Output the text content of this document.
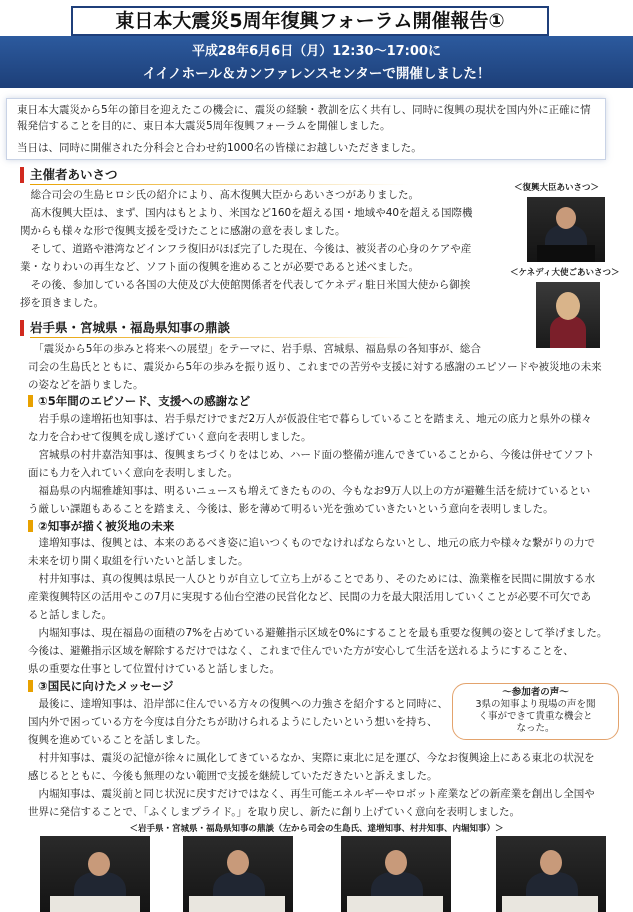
東日本大震災5周年復興フォーラム開催報告①
平成28年6月6日（月）12:30～17:00に
イイノホール＆カンファレンスセンターで開催しました！

東日本大震災から5年の節目を迎えたこの機会に、震災の経験・教訓を広く共有し、同時に復興の現状を国内外に正確に情

報発信することを目的に、東日本大震災5周年復興フォーラムを開催しました。

当日は、同時に開催された分科会と合わせ約1000名の皆様にお越しいただきました。

主催者あいさつ

　総合司会の生島ヒロシ氏の紹介により、髙木復興大臣からあいさつがありました。

　髙木復興大臣は、まず、国内はもとより、米国など160を超える国・地域や40を超える国際機

関からも様々な形で復興支援を受けたことに感謝の意を表しました。

　そして、道路や港湾などインフラ復旧がほぼ完了した現在、今後は、被災者の心身のケアや産

業・なりわいの再生など、ソフト面の復興を進めることが必要であると述べました。

　その後、参加している各国の大使及び大使館関係者を代表してケネディ駐日米国大使から御挨

拶を頂きました。

＜復興大臣あいさつ＞
＜ケネディ大使ごあいさつ＞
岩手県・宮城県・福島県知事の鼎談

　「震災から5年の歩みと将来への展望」をテーマに、岩手県、宮城県、福島県の各知事が、総合

司会の生島氏とともに、震災から5年の歩みを振り返り、これまでの苦労や支援に対する感謝のエピソードや被災地の未来

の姿などを語りました。

①5年間のエピソード、支援への感謝など

　岩手県の達増拓也知事は、岩手県だけでまだ2万人が仮設住宅で暮らしていることを踏まえ、地元の底力と県外の様々

な力を合わせて復興を成し遂げていく意向を表明しました。

　宮城県の村井嘉浩知事は、復興まちづくりをはじめ、ハード面の整備が進んできていることから、今後は併せてソフト

面にも力を入れていく意向を表明しました。

　福島県の内堀雅雄知事は、明るいニュースも増えてきたものの、今もなお9万人以上の方が避難生活を続けているとい

う厳しい課題もあることを踏まえ、今後は、影を薄めて明るい光を強めていきたいという意向を表明しました。

②知事が描く被災地の未来

　達増知事は、復興とは、本来のあるべき姿に追いつくものでなければならないとし、地元の底力や様々な繋がりの力で

未来を切り開く取組を行いたいと話しました。

　村井知事は、真の復興は県民一人ひとりが自立して立ち上がることであり、そのためには、漁業権を民間に開放する水

産業復興特区の活用やこの7月に実現する仙台空港の民営化など、民間の力を最大限活用していくことが必要不可欠であ

ると話しました。

　内堀知事は、現在福島の面積の7%を占めている避難指示区域を0%にすることを最も重要な復興の姿として挙げました。

今後は、避難指示区域を解除するだけではなく、これまで住んでいた方が安心して生活を送れるようにすることを、

県の重要な仕事として位置付けていると話しました。

③国民に向けたメッセージ

　最後に、達増知事は、沿岸部に住んでいる方々の復興への力強さを紹介すると同時に、

国内外で困っている方を今度は自分たちが助けられるようにしたいという想いを持ち、

復興を進めていることを話しました。

　村井知事は、震災の記憶が徐々に風化してきているなか、実際に東北に足を運び、今なお復興途上にある東北の状況を

感じるとともに、今後も無理のない範囲で支援を継続していただきたいと訴えました。

　内堀知事は、震災前と同じ状況に戻すだけではなく、再生可能エネルギーやロボット産業などの新産業を創出し全国や

世界に発信することで、「ふくしまプライド。」を取り戻し、新たに創り上げていく意向を表明しました。

～参加者の声～
3県の知事より現場の声を聞
く事ができて貴重な機会と
なった。
＜岩手県・宮城県・福島県知事の鼎談（左から司会の生島氏、達増知事、村井知事、内堀知事）＞
